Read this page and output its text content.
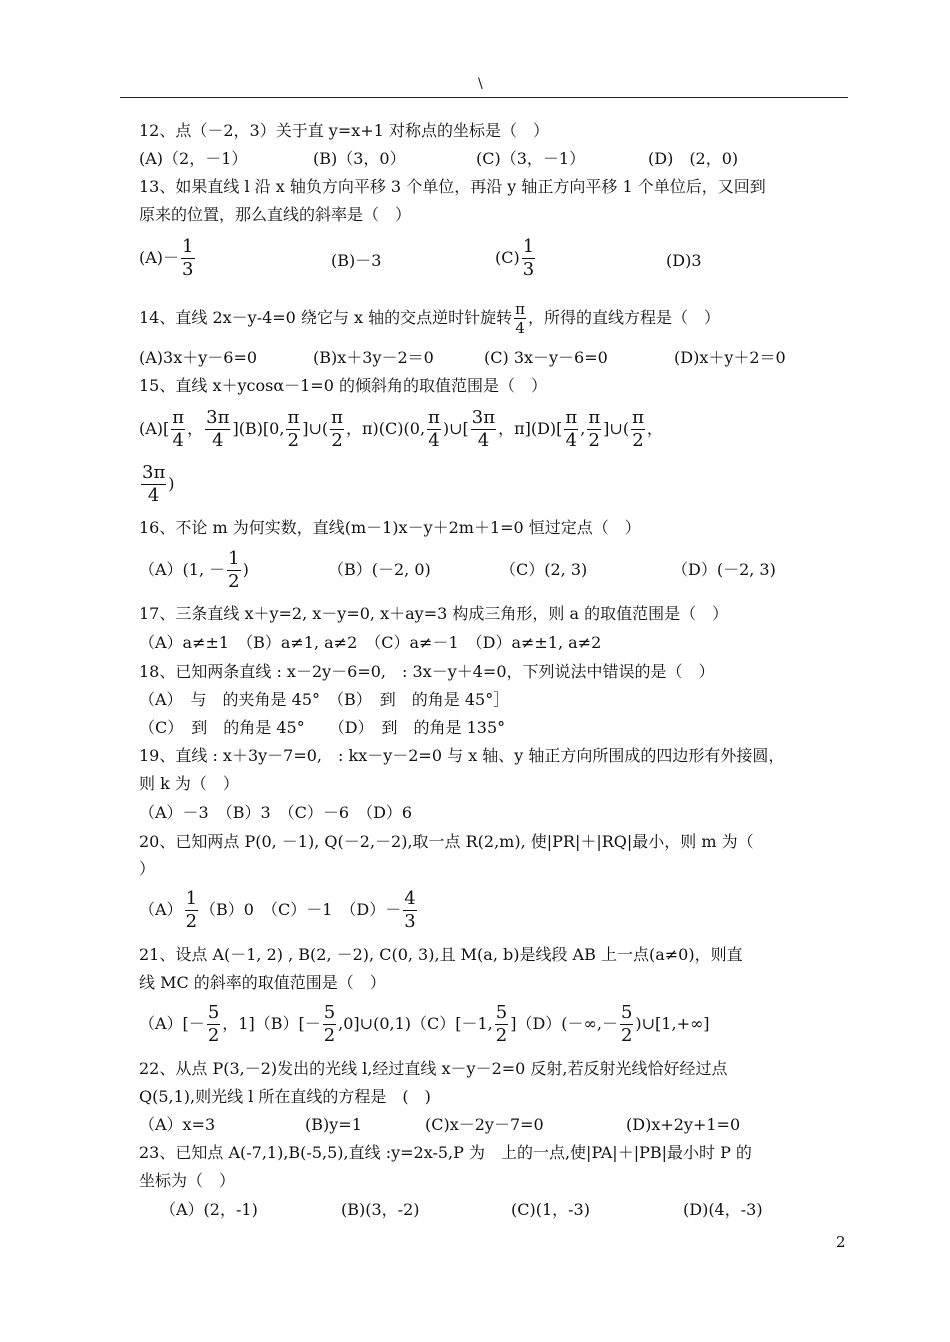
\
12、点（－2，3）关于直 y=x+1 对称点的坐标是（　）
(A)（2，－1）	(B)（3，0）	(C)（3，－1）	(D)　(2，0)
13、如果直线 l 沿 x 轴负方向平移 3 个单位，再沿 y 轴正方向平移 1 个单位后，又回到
原来的位置，那么直线的斜率是（　）
$(A)- \frac{1}{3}$	(B)－3	$(C) \frac{1}{3}$	(D)3
14、直线 2x－y-4=0 绕它与 x 轴的交点逆时针旋转 $\frac{\pi}{4}$ ，所得的直线方程是（　）
(A)3x＋y－6=0	(B)x＋3y－2＝0	(C) 3x－y－6=0	(D)x＋y＋2＝0
15、直线 x＋ycosα－1=0 的倾斜角的取值范围是（　）
$(A)[ \frac{\pi}{4}$ ， $\frac{3\pi}{4} ](B)[0$, $\frac{\pi}{2}$ ]∪( $\frac{\pi}{2}$ ，π)(C)(0, $\frac{\pi}{4}$ )∪[ $\frac{3\pi}{4}$ ，$\pi](D)[ \frac{\pi}{4}$ , $\frac{\pi}{2}$ ]∪( $\frac{\pi}{2}$ ，
$\frac{3\pi}{4}$ )
16、不论 m 为何实数，直线(m－1)x－y＋2m＋1=0 恒过定点（　）
（A）(1, － $\frac{1}{2}$ )	（B）(－2, 0)	（C）(2, 3)	（D）(－2, 3)
17、三条直线 x＋y=2, x－y=0, x＋ay=3 构成三角形，则 a 的取值范围是（　）
（A）a≠±1　（B）a≠1, a≠2　（C）a≠－1　（D）a≠±1, a≠2
18、已知两条直线 : x－2y－6=0,　: 3x－y＋4=0，下列说法中错误的是（　）
（A）　与　的夹角是 45°　（B）　到　的角是 45°］
（C）　到　的角是 45°　　（D）　到　的角是 135°
19、直线 : x＋3y－7=0,　: kx－y－2=0 与 x 轴、y 轴正方向所围成的四边形有外接圆，
则 k 为（　）
（A）－3　（B）3　（C）－6　（D）6
20、已知两点 P(0, －1), Q(－2,－2),取一点 R(2,m), 使|PR|＋|RQ|最小，则 m 为（
）
$(A) \frac{1}{2} (B)0$　（C）－1　$(D)- \frac{4}{3}$
21、设点 A(－1, 2) , B(2, －2), C(0, 3),且 M(a, b)是线段 AB 上一点(a≠0)，则直
线 MC 的斜率的取值范围是（　）
$(A)[- \frac{5}{2}$ ，$1](B)[- \frac{5}{2}$ ,0]∪(0,1)（C）[－1, $\frac{5}{2} ](D)(-\infty,- \frac{5}{2}$ )∪[1,+∞]
22、从点 P(3,－2)发出的光线 l,经过直线 x－y－2=0 反射,若反射光线恰好经过点
Q(5,1),则光线 l 所在直线的方程是　(　)
（A）x=3	(B)y=1	(C)x－2y－7=0	(D)x+2y+1=0
23、已知点 A(-7,1),B(-5,5),直线 :y=2x-5,P 为　上的一点,使|PA|＋|PB|最小时 P 的
坐标为（　）
（A）(2，-1)	(B)(3，-2)	(C)(1，-3)	(D)(4，-3)
2
